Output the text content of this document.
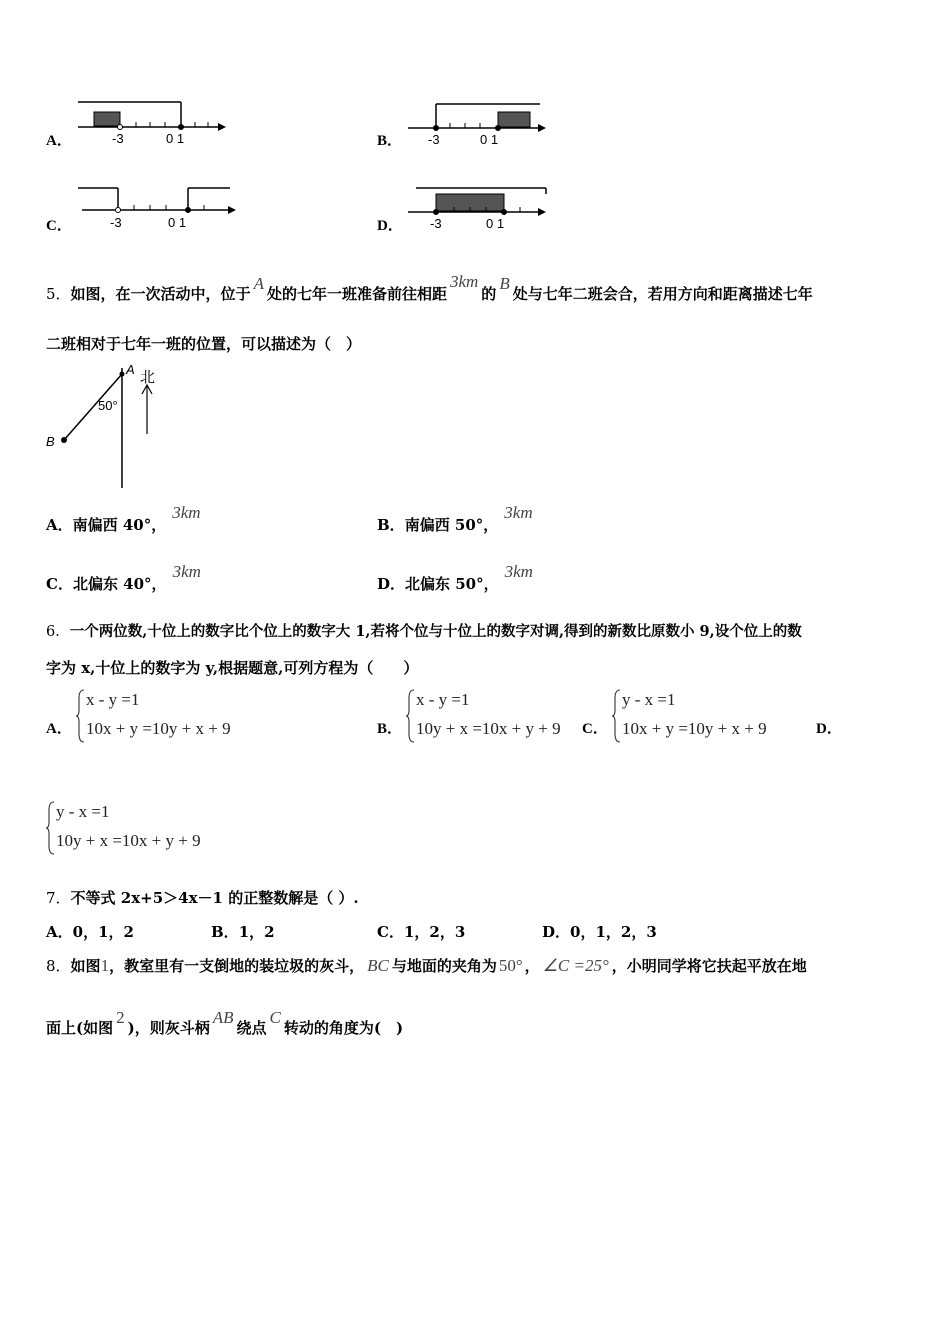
A．	-3	0 1	B． -3	0 1
C．	-3	0 1	D． -3	0 1
5．如图，在一次活动中，位于A处的七年一班准备前往相距3km的B处与七年二班会合，若用方向和距离描述七年
二班相对于七年一班的位置，可以描述为（　）
A
B
北
50°
A．南偏西 40°，3km
B．南偏西 50°，3km
C．北偏东 40°，3km
D．北偏东 50°，3km
6．一个两位数,十位上的数字比个位上的数字大 1,若将个位与十位上的数字对调,得到的新数比原数小 9,设个位上的数
字为 x,十位上的数字为 y,根据题意,可列方程为（　　）
A．
x - y =1
10x + y =10y + x + 9	B．
x - y =1
10y + x =10x + y + 9 C．
y - x =1
10x + y =10y + x + 9	D．
y - x =1
10y + x =10x + y + 9
7．不等式 2x+5＞4x－1 的正整数解是（ ）.
A．0，1，2	B．1，2	C．1，2，3	D．0，1，2，3
8．如图1，教室里有一支倒地的装垃圾的灰斗， BC 与地面的夹角为 50° ， ∠C =25° ，小明同学将它扶起平放在地
面上(如图2)，则灰斗柄AB绕点C转动的角度为(　)
